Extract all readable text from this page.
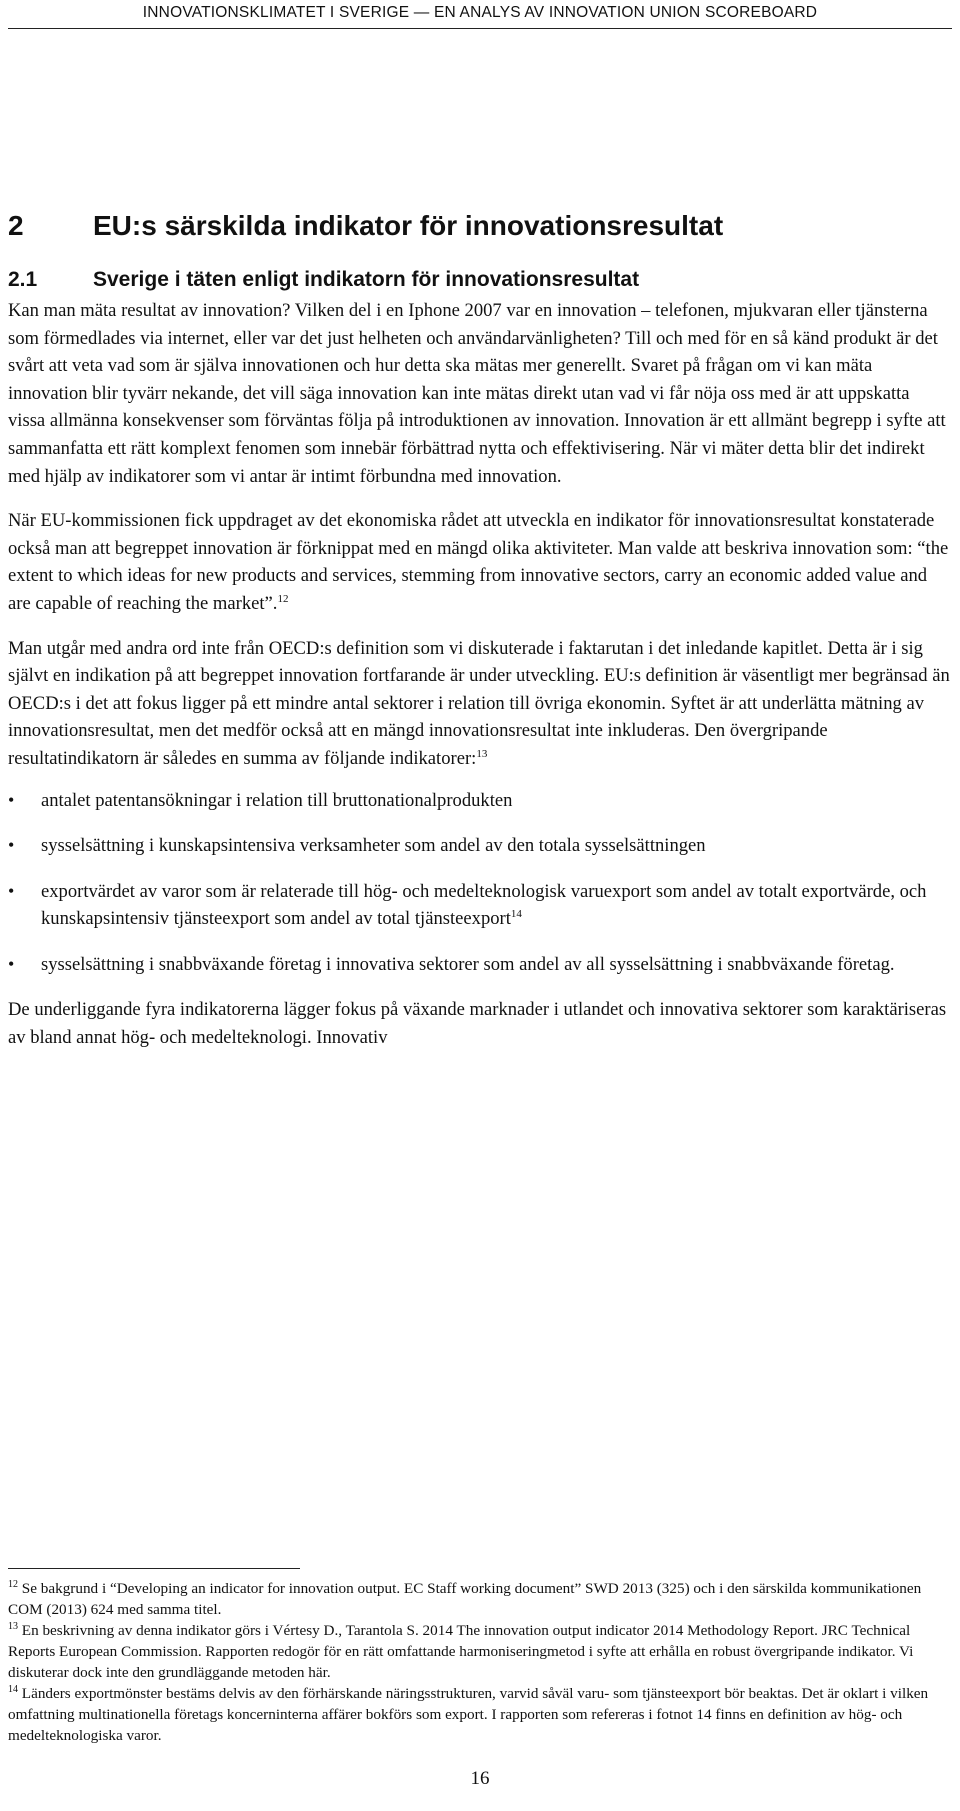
INNOVATIONSKLIMATET I SVERIGE — EN ANALYS AV INNOVATION UNION SCOREBOARD
2	EU:s särskilda indikator för innovationsresultat
2.1	Sverige i täten enligt indikatorn för innovationsresultat

Kan man mäta resultat av innovation? Vilken del i en Iphone 2007 var en innovation – telefonen, mjukvaran eller tjänsterna som förmedlades via internet, eller var det just helheten och användarvänligheten? Till och med för en så känd produkt är det svårt att veta vad som är själva innovationen och hur detta ska mätas mer generellt. Svaret på frågan om vi kan mäta innovation blir tyvärr nekande, det vill säga innovation kan inte mätas direkt utan vad vi får nöja oss med är att uppskatta vissa allmänna konsekvenser som förväntas följa på introduktionen av innovation. Innovation är ett allmänt begrepp i syfte att sammanfatta ett rätt komplext fenomen som innebär förbättrad nytta och effektivisering. När vi mäter detta blir det indirekt med hjälp av indikatorer som vi antar är intimt förbundna med innovation.

När EU-kommissionen fick uppdraget av det ekonomiska rådet att utveckla en indikator för innovationsresultat konstaterade också man att begreppet innovation är förknippat med en mängd olika aktiviteter. Man valde att beskriva innovation som: “the extent to which ideas for new products and services, stemming from innovative sectors, carry an economic added value and are capable of reaching the market”.$^{12}$

Man utgår med andra ord inte från OECD:s definition som vi diskuterade i faktarutan i det inledande kapitlet. Detta är i sig självt en indikation på att begreppet innovation fortfarande är under utveckling. EU:s definition är väsentligt mer begränsad än OECD:s i det att fokus ligger på ett mindre antal sektorer i relation till övriga ekonomin. Syftet är att underlätta mätning av innovationsresultat, men det medför också att en mängd innovationsresultat inte inkluderas. Den övergripande resultatindikatorn är således en summa av följande indikatorer:$^{13}$

• antalet patentansökningar i relation till bruttonationalprodukten
• sysselsättning i kunskapsintensiva verksamheter som andel av den totala sysselsättningen
• exportvärdet av varor som är relaterade till hög- och medelteknologisk varuexport som andel av totalt exportvärde, och kunskapsintensiv tjänsteexport som andel av total tjänsteexport$^{14}$
• sysselsättning i snabbväxande företag i innovativa sektorer som andel av all sysselsättning i snabbväxande företag.

De underliggande fyra indikatorerna lägger fokus på växande marknader i utlandet och innovativa sektorer som karaktäriseras av bland annat hög- och medelteknologi. Innovativ

$^{12}$ Se bakgrund i “Developing an indicator for innovation output. EC Staff working document” SWD 2013 (325) och i den särskilda kommunikationen COM (2013) 624 med samma titel.

$^{13}$ En beskrivning av denna indikator görs i Vértesy D., Tarantola S. 2014 The innovation output indicator 2014 Methodology Report. JRC Technical Reports European Commission. Rapporten redogör för en rätt omfattande harmoniseringmetod i syfte att erhålla en robust övergripande indikator. Vi diskuterar dock inte den grundläggande metoden här.

$^{14}$ Länders exportmönster bestäms delvis av den förhärskande näringsstrukturen, varvid såväl varu- som tjänsteexport bör beaktas. Det är oklart i vilken omfattning multinationella företags koncerninterna affärer bokförs som export. I rapporten som refereras i fotnot 14 finns en definition av hög- och medelteknologiska varor.

16
